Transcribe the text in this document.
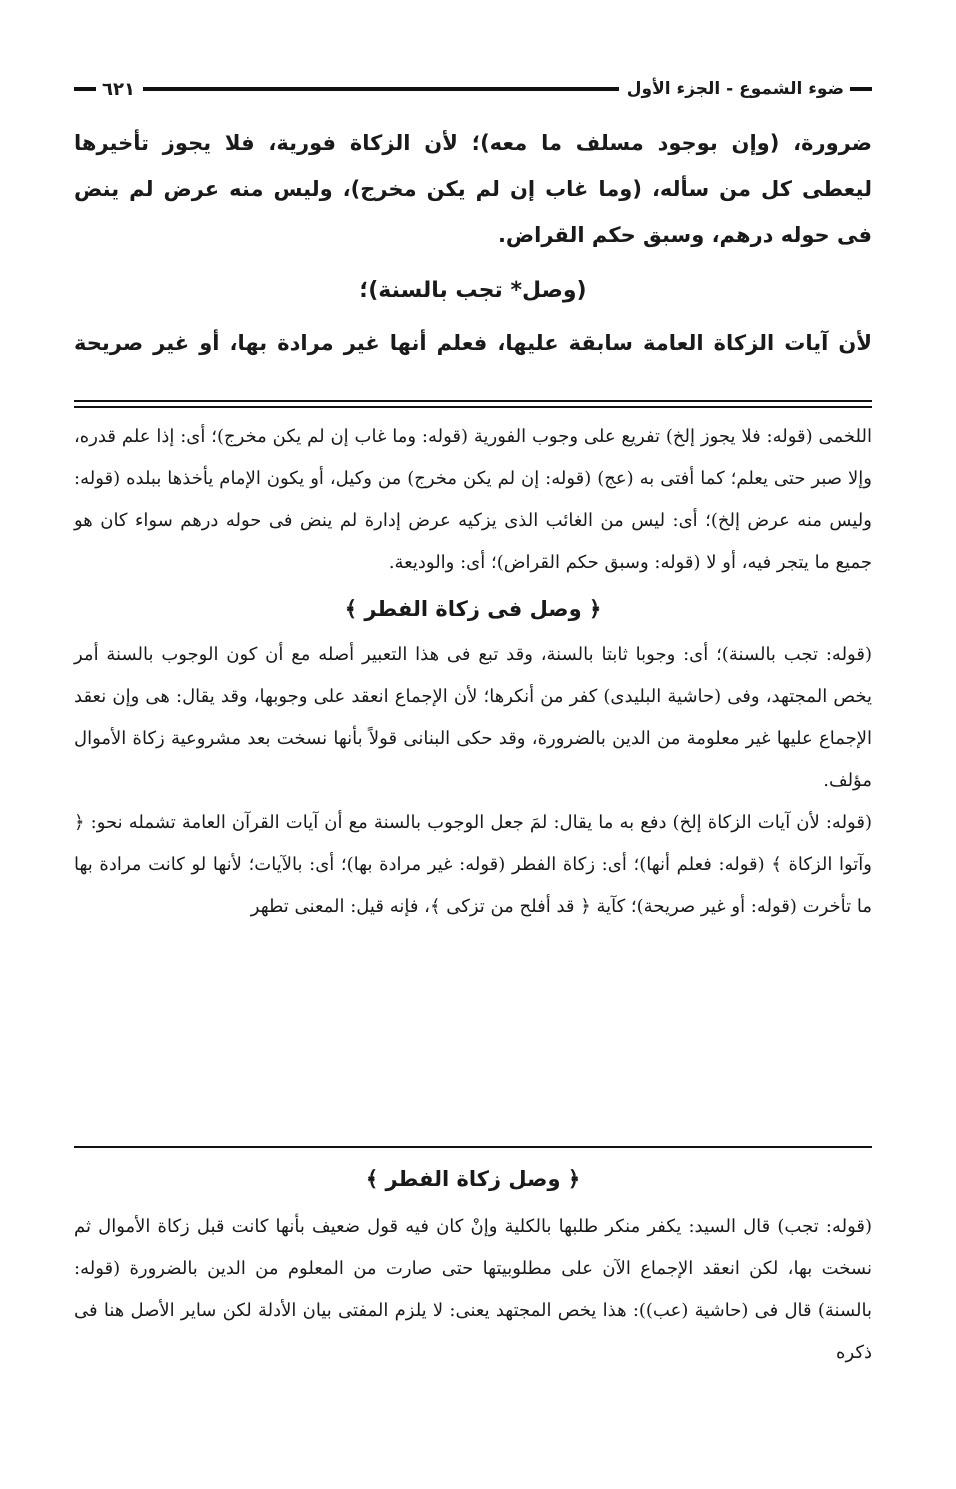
ضوء الشموع - الجزء الأول
٦٢١

ضرورة، (وإن بوجود مسلف ما معه)؛ لأن الزكاة فورية، فلا يجوز تأخيرها ليعطى كل من سأله، (وما غاب إن لم يكن مخرج)، وليس منه عرض لم ينض فى حوله درهم، وسبق حكم القراض.

(وصل* تجب بالسنة)؛

لأن آيات الزكاة العامة سابقة عليها، فعلم أنها غير مرادة بها، أو غير صريحة

اللخمى (قوله: فلا يجوز إلخ) تفريع على وجوب الفورية (قوله: وما غاب إن لم يكن مخرج)؛ أى: إذا علم قدره، وإلا صبر حتى يعلم؛ كما أفتى به (عج) (قوله: إن لم يكن مخرج) من وكيل، أو يكون الإمام يأخذها ببلده (قوله: وليس منه عرض إلخ)؛ أى: ليس من الغائب الذى يزكيه عرض إدارة لم ينض فى حوله درهم سواء كان هو جميع ما يتجر فيه، أو لا (قوله: وسبق حكم القراض)؛ أى: والوديعة.

﴿ وصل فى زكاة الفطر ﴾

(قوله: تجب بالسنة)؛ أى: وجوبا ثابتا بالسنة، وقد تبع فى هذا التعبير أصله مع أن كون الوجوب بالسنة أمر يخص المجتهد، وفى (حاشية البليدى) كفر من أنكرها؛ لأن الإجماع انعقد على وجوبها، وقد يقال: هى وإن نعقد الإجماع عليها غير معلومة من الدين بالضرورة، وقد حكى البنانى قولاً بأنها نسخت بعد مشروعية زكاة الأموال مؤلف.

(قوله: لأن آيات الزكاة إلخ) دفع به ما يقال: لمَ جعل الوجوب بالسنة مع أن آيات القرآن العامة تشمله نحو: ﴿ وآتوا الزكاة ﴾ (قوله: فعلم أنها)؛ أى: زكاة الفطر (قوله: غير مرادة بها)؛ أى: بالآيات؛ لأنها لو كانت مرادة بها ما تأخرت (قوله: أو غير صريحة)؛ كآية ﴿ قد أفلح من تزكى ﴾، فإنه قيل: المعنى تطهر

﴿ وصل زكاة الفطر ﴾

(قوله: تجب) قال السيد: يكفر منكر طلبها بالكلية وإنْ كان فيه قول ضعيف بأنها كانت قبل زكاة الأموال ثم نسخت بها، لكن انعقد الإجماع الآن على مطلوبيتها حتى صارت من المعلوم من الدين بالضرورة (قوله: بالسنة) قال فى (حاشية (عب)): هذا يخص المجتهد يعنى: لا يلزم المفتى بيان الأدلة لكن ساير الأصل هنا فى ذكره
